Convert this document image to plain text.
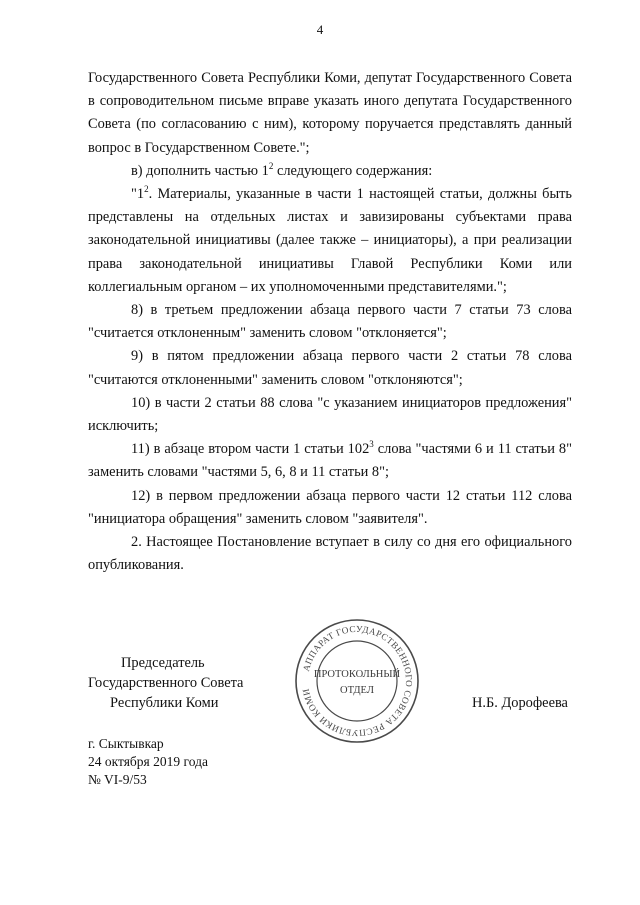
4

Государственного Совета Республики Коми, депутат Государственного Совета в сопроводительном письме вправе указать иного депутата Государственного Совета (по согласованию с ним), которому поручается представлять данный вопрос в Государственном Совете.";

в) дополнить частью $1^2$ следующего содержания:

"$1^2$. Материалы, указанные в части 1 настоящей статьи, должны быть представлены на отдельных листах и завизированы субъектами права законодательной инициативы (далее также – инициаторы), а при реализации права законодательной инициативы Главой Республики Коми или коллегиальным органом – их уполномоченными представителями.";

8) в третьем предложении абзаца первого части 7 статьи 73 слова "считается отклоненным" заменить словом "отклоняется";

9) в пятом предложении абзаца первого части 2 статьи 78 слова "считаются отклоненными" заменить словом "отклоняются";

10) в части 2 статьи 88 слова "с указанием инициаторов предложения" исключить;

11) в абзаце втором части 1 статьи $102^3$ слова "частями 6 и 11 статьи 8" заменить словами "частями 5, 6, 8 и 11 статьи 8";

12) в первом предложении абзаца первого части 12 статьи 112 слова "инициатора обращения" заменить словом "заявителя".

2. Настоящее Постановление вступает в силу со дня его официального опубликования.

Председатель
Государственного Совета
Республики Коми	Н.Б. Дорофеева
АППАРАТ ГОСУДАРСТВЕННОГО СОВЕТА РЕСПУБЛИКИ КОМИ
ПРОТОКОЛЬНЫЙ
ОТДЕЛ
г. Сыктывкар
24 октября 2019 года
№ VI-9/53
